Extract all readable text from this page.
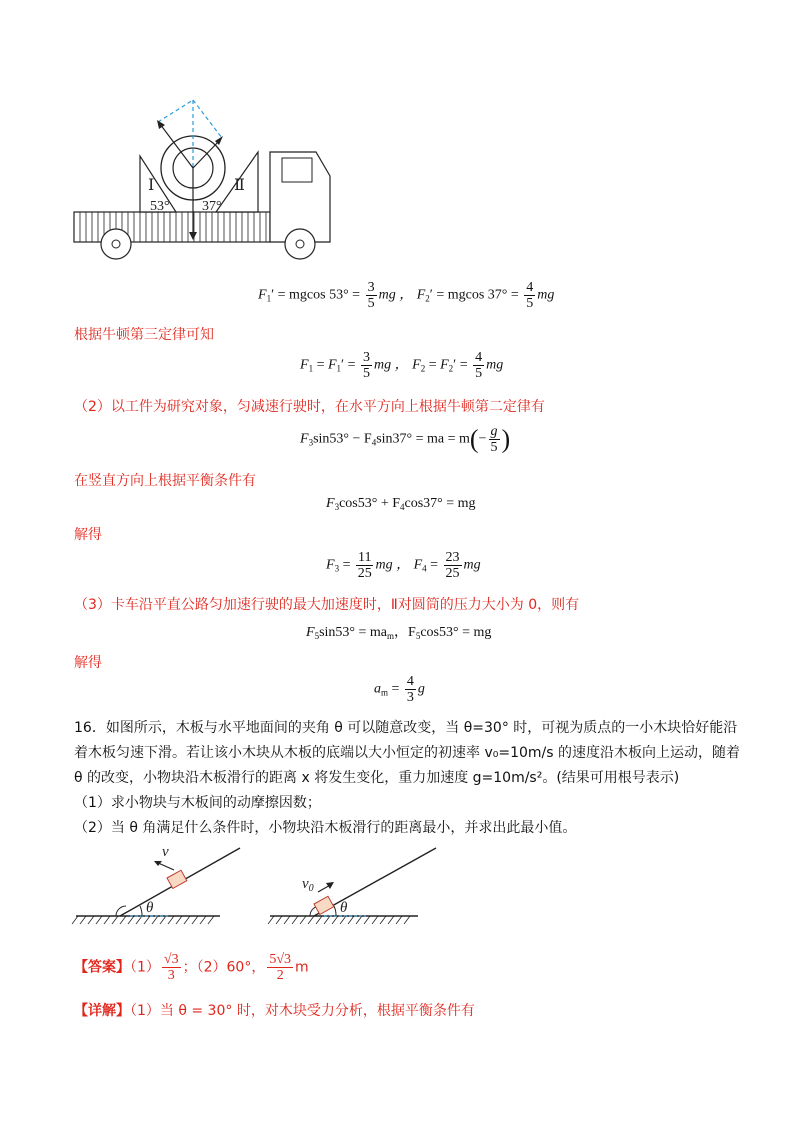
Ⅰ	Ⅱ
53° 37°
$F_1' = mgcos$ $53^\circ = \frac{3}{5}$ mg ， $F_2' = mgcos$ $37^\circ = \frac{4}{5}$ mg
根据牛顿第三定律可知
$F_1 = F_1' = \frac{3}{5}$ mg ， $F_2 = F_2' = \frac{4}{5}$ mg
（2）以工件为研究对象，匀减速行驶时，在水平方向上根据牛顿第二定律有
$F_3\sin 53^\circ - F_4\sin 37^\circ$ = ma = $m(- \frac{g}{5}$ )
在竖直方向上根据平衡条件有
$F_3\cos 53^\circ + F_4\cos 37^\circ$ = mg
解得
$F_3 = \frac{11}{25}$ mg ， $F_4 = \frac{23}{25}$ mg
（3）卡车沿平直公路匀加速行驶的最大加速度时，Ⅱ对圆筒的压力大小为 0，则有
$F_5\sin 53^\circ = ma_m$，$F_5\cos 53^\circ$ = mg
解得
$a_m = \frac{4}{3}$ g
16．如图所示，木板与水平地面间的夹角 θ 可以随意改变，当 θ=30° 时，可视为质点的一小木块恰好能沿
着木板匀速下滑。若让该小木块从木板的底端以大小恒定的初速率 v₀=10m/s 的速度沿木板向上运动，随着
θ 的改变，小物块沿木板滑行的距离 x 将发生变化，重力加速度 g=10m/s²。(结果可用根号表示)
（1）求小物块与木板间的动摩擦因数；
（2）当 θ 角满足什么条件时，小物块沿木板滑行的距离最小，并求出此最小值。
v
θ
$v_0$
θ
【答案】$(1) \frac{√3}{3}$ ；（2）60°， $\frac{5√3}{2}$ m
【详解】（1）当 θ = 30° 时，对木块受力分析，根据平衡条件有
